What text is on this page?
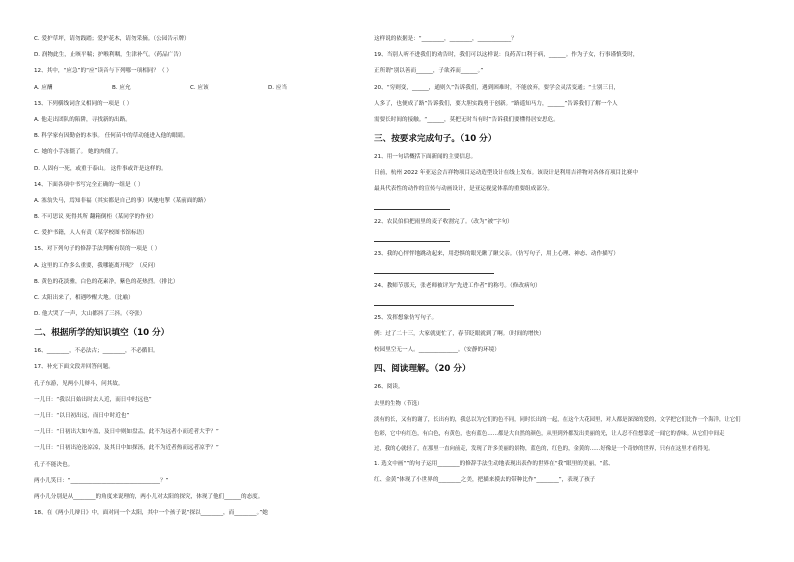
C. 爱护草坪，请勿践踏；爱护花木，请勿采摘。（公园告示牌）
D. 润物此生，止咳平喘；护喉利咽，生津补气。（药品广告）
12、其中，“应急”的“应”读音与下列哪一项相同？（ ）
A. 应酬	B. 应允	C. 应该	D. 应当
13、下列横线词含义相同的一项是（ ）
A. 他走出团队的陷阱，寻找新的出路。
B. 科学家有因勤奋的本事。 任何苗中的草动能进入他的眼睛。
C. 她的小手冻僵了。 她的肉僵了。
D. 人固有一死，或重于泰山。 这件事或许是这样的。
14、下面各项中书写完全正确的一组是（ ）
A. 塞翁失马，焉知非福（其实都是自己的事）风驰电掣（某前面的路）
B. 不可思议 死得其所 翻箱倒柜（某同学的作业）
C. 爱护书籍，人人有责（某学校图书馆标语）
15、对下列句子的修辞手法判断有误的一项是（ ）
A. 这里的工作多么重要，我哪能离开呢？（反问）
B. 黄色的花淡雅，白色的花素净，紫色的花热烈。（排比）
C. 太阳出来了，相遇吵醒大地。（比喻）
D. 他大哭了一声，大山都抖了三抖。（夸张）
二、根据所学的知识填空（10 分）
16、________，不必法古；________，不必循旧。
17、补充下面文段并回答问题。
孔子东游，见两小儿辩斗，问其故。
一儿曰：“我以日始出时去人近，而日中时远也”
一儿曰：“以日初出远，而日中时近也”
一儿曰：“日初出大如车盖，及日中则如盘盂，此不为远者小而近者大乎？”
一儿曰：“日初出沧沧凉凉，及其日中如探汤，此不为近者热而远者凉乎？”
孔子不能决也。
两小儿笑曰：“________________________________？”
两小儿分别是从________的角度来说理的，两小儿对太阳的探究，体现了他们______的态度。
18、在《两小儿辩日》中，面对同一个太阳，其中一个孩子说“探以________，而________。”她
这样说的依据是：“________，________，____________？
19、当别人听不进我们的劝告时，我们可以这样说：良药苦口利于病，______。作为子女，行事谨慎受时，
正所谓“别以善而______，子欲养而______。”
20、“穷则变，______，通则久”告诉我们，遇到困难时，不能放弃，要学会灵活变通；“士别三日，
人多了，也便成了路”告诉我们，要大胆实践勇于创新。“路遥知马力，______”告诉我们了解一个人
需要长时间的接触。“______，莫把无时当有时”告诉我们要懂得居安思危。
三、按要求完成句子。（10 分）
21、用一句话概括下面新闻的主要信息。
日前，杭州 2022 年亚运会吉祥物项目运动造型设计在线上发布。该设计是利用吉祥物对各体育项目比赛中
最具代表性的动作的宣传与动画设计，是亚运视觉体系的重要组成部分。
22、农民伯伯把雨里的麦子收割完了。（改为“被”字句）
23、我的心怦怦地跳动起来，用恐惧的眼光瞅了瞅父亲。（仿写句子，用上心理、神态、动作描写）
24、教师节那天，张老师被评为“先进工作者”的称号。（修改病句）
25、发挥想象仿写句子。
例：过了二十三，大家就更忙了，春节眨眼就到了啊。（时间的增快）
校园里空无一人。______________。（安静的环境）
四、阅读理解。（20 分）
26、阅读。
去里的生物（节选）
淡有的长，又有的谢了，长出有的，我总以为它们的色不同，同时长出的一起，在这个大花园里，对人都是深深的爱的，文学把它们比作一个海洋，让它们
色彩，它中有红色，有白色，有黄色，也有蓝色……都是大自然的颜色，从里到外都发出美丽的光，让人忍不住想靠近一闻它的香味。从它们中间走
过，我的心就轻了，在那里一直向前走，发现了许多美丽的景物，蓝色的，红色的，金黄的……好像是一个奇妙的世界，只有在这里才看得见。
1. 选文中画“”的句子运用________的修辞手法生动地表现出表作的世界在“我”眼里的美丽，“蓝、
红、金黄”体现了小世界的________之美，把描来摸去的带种比作“________”，表现了孩子
